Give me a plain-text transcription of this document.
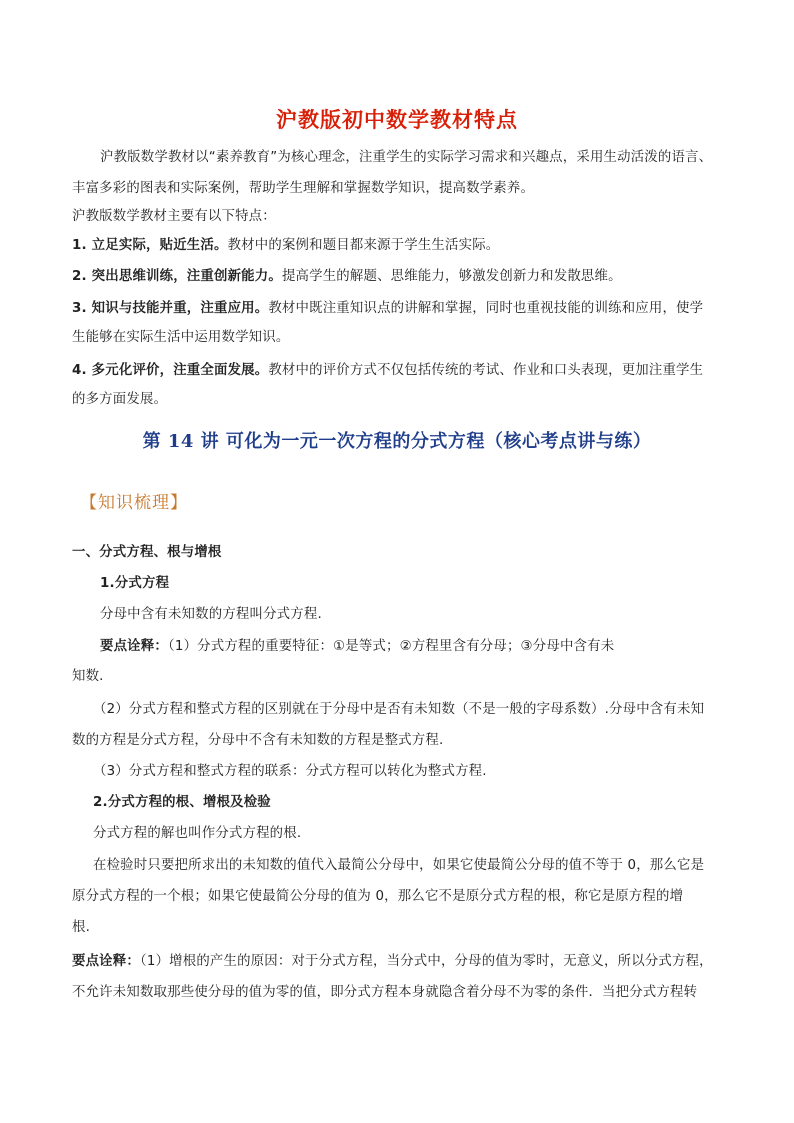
沪教版初中数学教材特点
沪教版数学教材以“素养教育”为核心理念，注重学生的实际学习需求和兴趣点，采用生动活泼的语言、
丰富多彩的图表和实际案例，帮助学生理解和掌握数学知识，提高数学素养。
沪教版数学教材主要有以下特点：
1. 立足实际，贴近生活。教材中的案例和题目都来源于学生生活实际。
2. 突出思维训练，注重创新能力。提高学生的解题、思维能力，够激发创新力和发散思维。
3. 知识与技能并重，注重应用。教材中既注重知识点的讲解和掌握，同时也重视技能的训练和应用，使学
生能够在实际生活中运用数学知识。
4. 多元化评价，注重全面发展。教材中的评价方式不仅包括传统的考试、作业和口头表现，更加注重学生
的多方面发展。
第 14 讲 可化为一元一次方程的分式方程（核心考点讲与练）
【知识梳理】
一、分式方程、根与增根
1.分式方程
分母中含有未知数的方程叫分式方程.
要点诠释：（1）分式方程的重要特征：①是等式；②方程里含有分母；③分母中含有未
知数.
（2）分式方程和整式方程的区别就在于分母中是否有未知数（不是一般的字母系数）.分母中含有未知
数的方程是分式方程，分母中不含有未知数的方程是整式方程.
（3）分式方程和整式方程的联系：分式方程可以转化为整式方程.
2.分式方程的根、增根及检验
分式方程的解也叫作分式方程的根.
在检验时只要把所求出的未知数的值代入最简公分母中，如果它使最简公分母的值不等于 0，那么它是
原分式方程的一个根；如果它使最简公分母的值为 0，那么它不是原分式方程的根，称它是原方程的增
根.
要点诠释：（1）增根的产生的原因：对于分式方程，当分式中，分母的值为零时，无意义，所以分式方程，
不允许未知数取那些使分母的值为零的值，即分式方程本身就隐含着分母不为零的条件．当把分式方程转
